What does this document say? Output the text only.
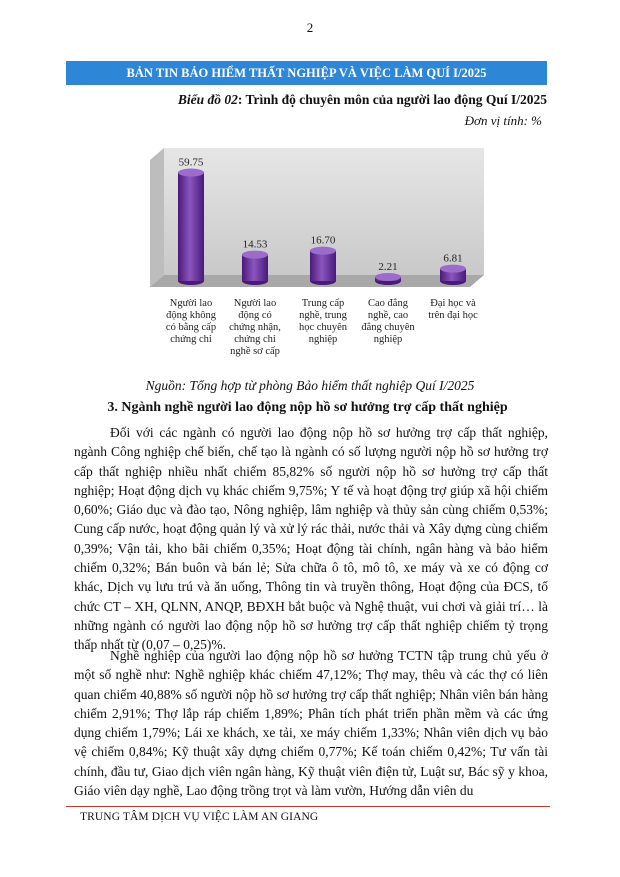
2
BẢN TIN BẢO HIỂM THẤT NGHIỆP VÀ VIỆC LÀM QUÍ I/2025
Biểu đồ 02: Trình độ chuyên môn của người lao động Quí I/2025
Đơn vị tính: %
59.75
14.53	16.70
2.21
6.81
Người lao động không có bằng cấp chứng chỉ
Người lao động có chứng nhận, chứng chỉ nghề sơ cấp
Trung cấp nghề, trung học chuyên nghiệp
Cao đẳng nghề, cao đẳng chuyên nghiệp
Đại học và trên đại học
Nguồn: Tổng hợp từ phòng Bảo hiểm thất nghiệp Quí I/2025
3. Ngành nghề người lao động nộp hồ sơ hưởng trợ cấp thất nghiệp
Đối với các ngành có người lao động nộp hồ sơ hưởng trợ cấp thất nghiệp, ngành Công nghiệp chế biến, chế tạo là ngành có số lượng người nộp hồ sơ hưởng trợ cấp thất nghiệp nhiều nhất chiếm 85,82% số người nộp hồ sơ hưởng trợ cấp thất nghiệp; Hoạt động dịch vụ khác chiếm 9,75%; Y tế và hoạt động trợ giúp xã hội chiếm 0,60%; Giáo dục và đào tạo, Nông nghiệp, lâm nghiệp và thủy sản cùng chiếm 0,53%; Cung cấp nước, hoạt động quản lý và xử lý rác thải, nước thải và Xây dựng cùng chiếm 0,39%; Vận tải, kho bãi chiếm 0,35%; Hoạt động tài chính, ngân hàng và bảo hiểm chiếm 0,32%; Bán buôn và bán lẻ; Sửa chữa ô tô, mô tô, xe máy và xe có động cơ khác, Dịch vụ lưu trú và ăn uống, Thông tin và truyền thông, Hoạt động của ĐCS, tổ chức CT – XH, QLNN, ANQP, BĐXH bắt buộc và Nghệ thuật, vui chơi và giải trí… là những ngành có người lao động nộp hồ sơ hưởng trợ cấp thất nghiệp chiếm tỷ trọng thấp nhất từ (0,07 – 0,25)%.
Nghề nghiệp của người lao động nộp hồ sơ hưởng TCTN tập trung chủ yếu ở một số nghề như: Nghề nghiệp khác chiếm 47,12%; Thợ may, thêu và các thợ có liên quan chiếm 40,88% số người nộp hồ sơ hưởng trợ cấp thất nghiệp; Nhân viên bán hàng chiếm 2,91%; Thợ lắp ráp chiếm 1,89%; Phân tích phát triển phần mềm và các ứng dụng chiếm 1,79%; Lái xe khách, xe tải, xe máy chiếm 1,33%; Nhân viên dịch vụ bảo vệ chiếm 0,84%; Kỹ thuật xây dựng chiếm 0,77%; Kế toán chiếm 0,42%; Tư vấn tài chính, đầu tư, Giao dịch viên ngân hàng, Kỹ thuật viên điện tử, Luật sư, Bác sỹ y khoa, Giáo viên dạy nghề, Lao động trồng trọt và làm vườn, Hướng dẫn viên du
TRUNG TÂM DỊCH VỤ VIỆC LÀM AN GIANG
